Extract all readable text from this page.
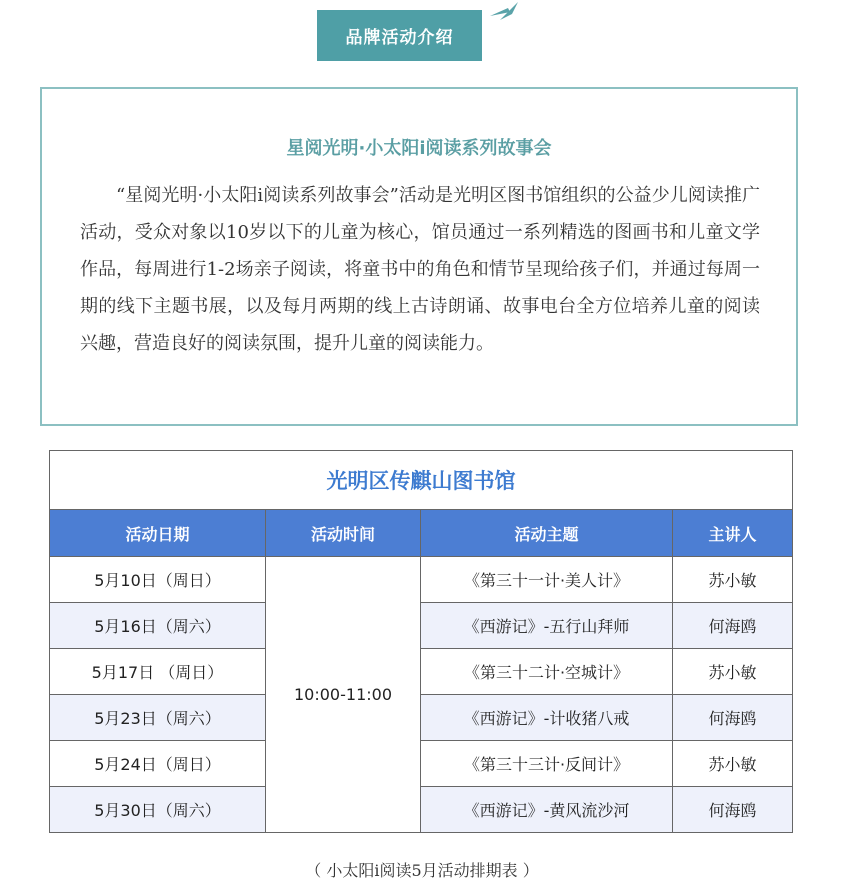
品牌活动介绍
星阅光明·小太阳i阅读系列故事会
“星阅光明·小太阳i阅读系列故事会”活动是光明区图书馆组织的公益少儿阅读推广活动，受众对象以10岁以下的儿童为核心，馆员通过一系列精选的图画书和儿童文学作品，每周进行1-2场亲子阅读，将童书中的角色和情节呈现给孩子们，并通过每周一期的线下主题书展，以及每月两期的线上古诗朗诵、故事电台全方位培养儿童的阅读兴趣，营造良好的阅读氛围，提升儿童的阅读能力。
光明区传麒山图书馆			
活动日期	活动时间	活动主题	主讲人
5月10日（周日）	10:00-11:00	《第三十一计·美人计》	苏小敏
5月16日（周六）		《西游记》-五行山拜师	何海鸥
5月17日 （周日）		《第三十二计·空城计》	苏小敏
5月23日（周六）		《西游记》-计收猪八戒	何海鸥
5月24日（周日）		《第三十三计·反间计》	苏小敏
5月30日（周六）		《西游记》-黄风流沙河	何海鸥
（ 小太阳i阅读5月活动排期表 ）
